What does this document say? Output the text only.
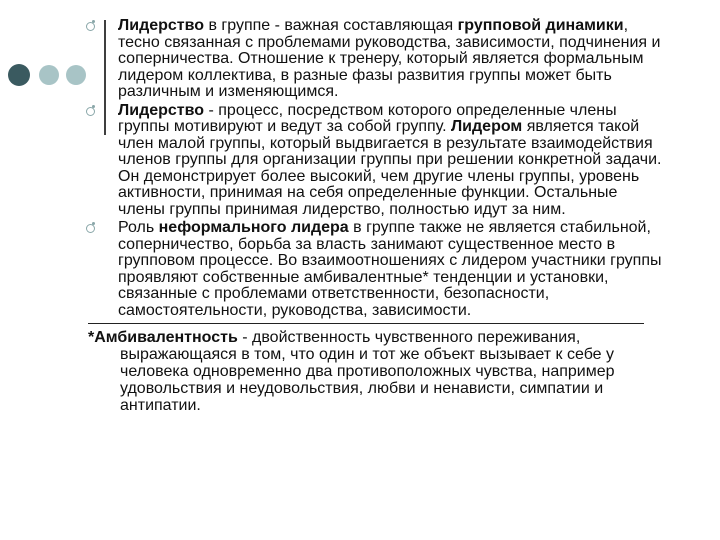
Лидерство в группе - важная составляющая групповой динамики, тесно связанная с проблемами руководства, зависимости, подчинения и соперничества. Отношение к тренеру, который является формальным лидером коллектива, в разные фазы развития группы может быть различным и изменяющимся.

Лидерство - процесс, посредством которого определенные члены группы мотивируют и ведут за собой группу. Лидером является такой член малой группы, который выдвигается в результате взаимодействия членов группы для организации группы при решении конкретной задачи. Он демонстрирует более высокий, чем другие члены группы, уровень активности, принимая на себя определенные функции. Остальные члены группы принимая лидерство, полностью идут за ним.

Роль неформального лидера в группе также не является стабильной, соперничество, борьба за власть занимают существенное место в групповом процессе. Во взаимоотношениях с лидером участники группы проявляют собственные амбивалентные* тенденции и установки, связанные с проблемами ответственности, безопасности, самостоятельности, руководства, зависимости.

*Амбивалентность - двойственность чувственного переживания, выражающаяся в том, что один и тот же объект вызывает к себе у человека одновременно два противоположных чувства, например удовольствия и неудовольствия, любви и ненависти, симпатии и антипатии.
